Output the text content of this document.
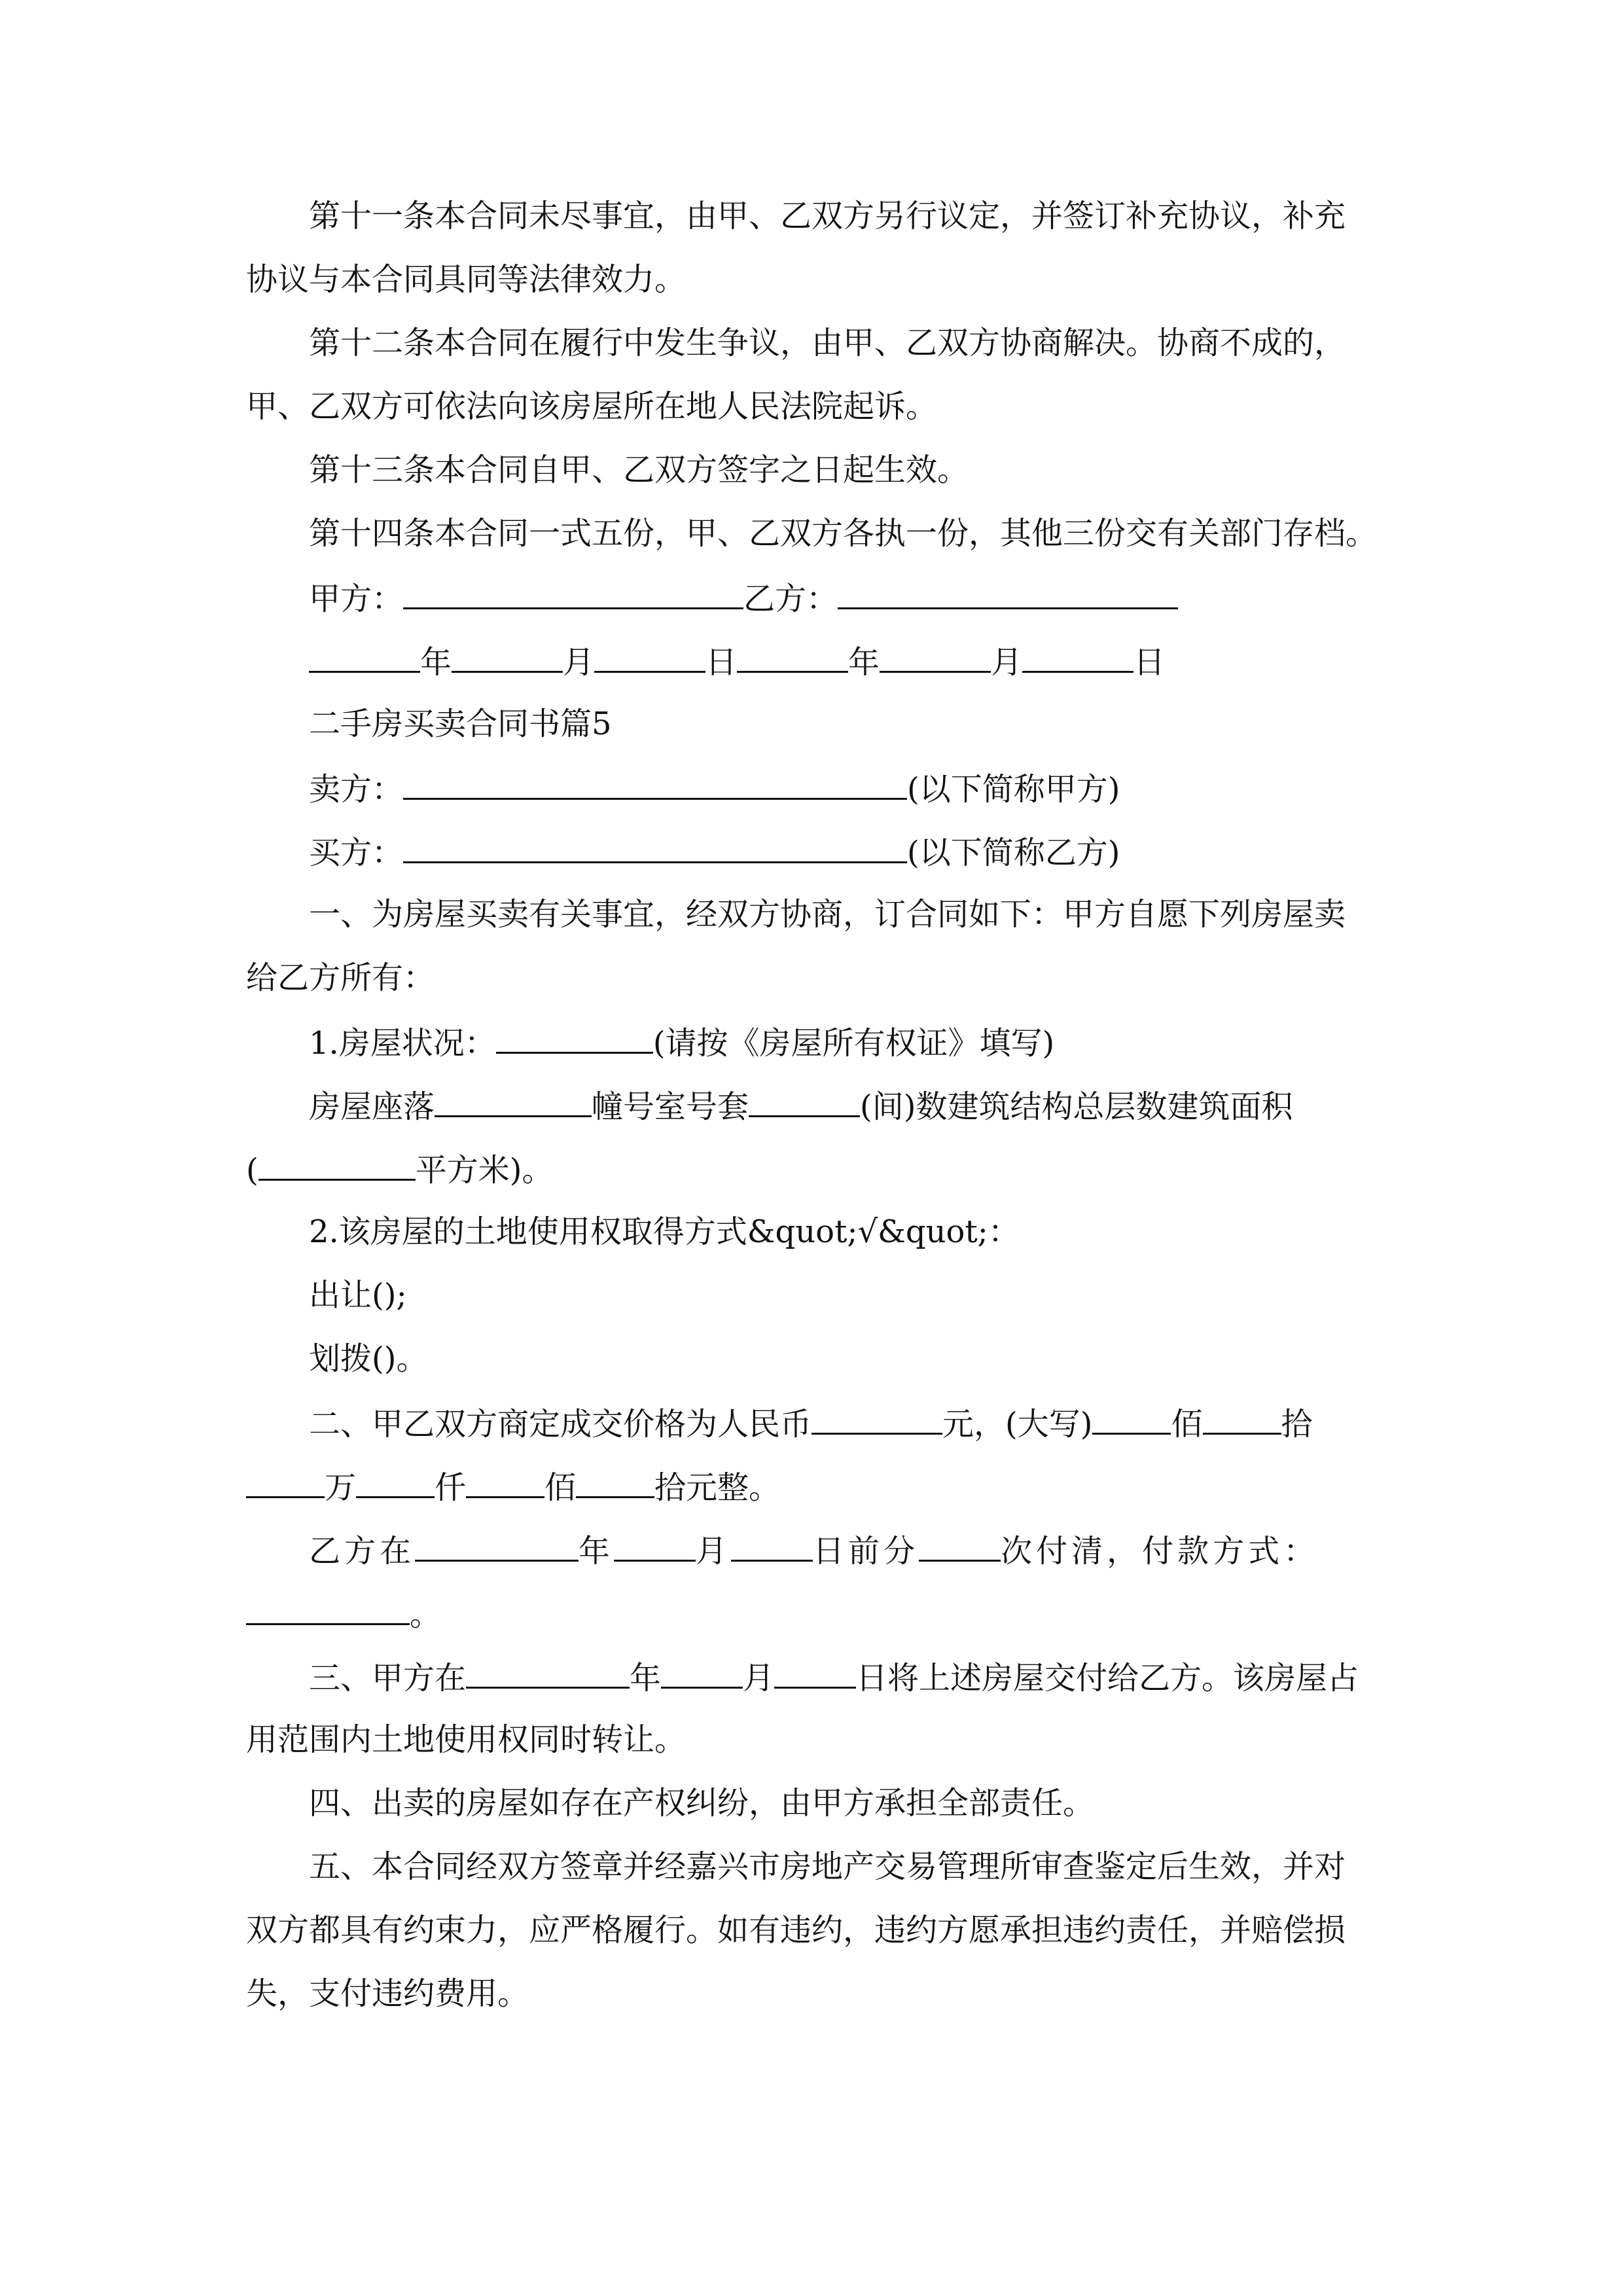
第十一条本合同未尽事宜，由甲、乙双方另行议定，并签订补充协议，补充
协议与本合同具同等法律效力。
第十二条本合同在履行中发生争议，由甲、乙双方协商解决。协商不成的，
甲、乙双方可依法向该房屋所在地人民法院起诉。
第十三条本合同自甲、乙双方签字之日起生效。
第十四条本合同一式五份，甲、乙双方各执一份，其他三份交有关部门存档。
甲方：	乙方：
年	月	日	年	月	日
二手房买卖合同书篇5
卖方：	(以下简称甲方)
买方：	(以下简称乙方)
一、为房屋买卖有关事宜，经双方协商，订合同如下：甲方自愿下列房屋卖
给乙方所有：
1.房屋状况：	(请按《房屋所有权证》填写)
房屋座落	幢号室号套	(间)数建筑结构总层数建筑面积
(	平方米)。
2.该房屋的土地使用权取得方式&quot;√&quot;：
出让();
划拨()。
二、甲乙双方商定成交价格为人民币	元，(大写)	佰	拾
万	仟	佰	拾元整。
乙方在	年	月	日前分	次付清，付款方式：
。
三、甲方在	年	月	日将上述房屋交付给乙方。该房屋占
用范围内土地使用权同时转让。
四、出卖的房屋如存在产权纠纷，由甲方承担全部责任。
五、本合同经双方签章并经嘉兴市房地产交易管理所审查鉴定后生效，并对
双方都具有约束力，应严格履行。如有违约，违约方愿承担违约责任，并赔偿损
失，支付违约费用。
